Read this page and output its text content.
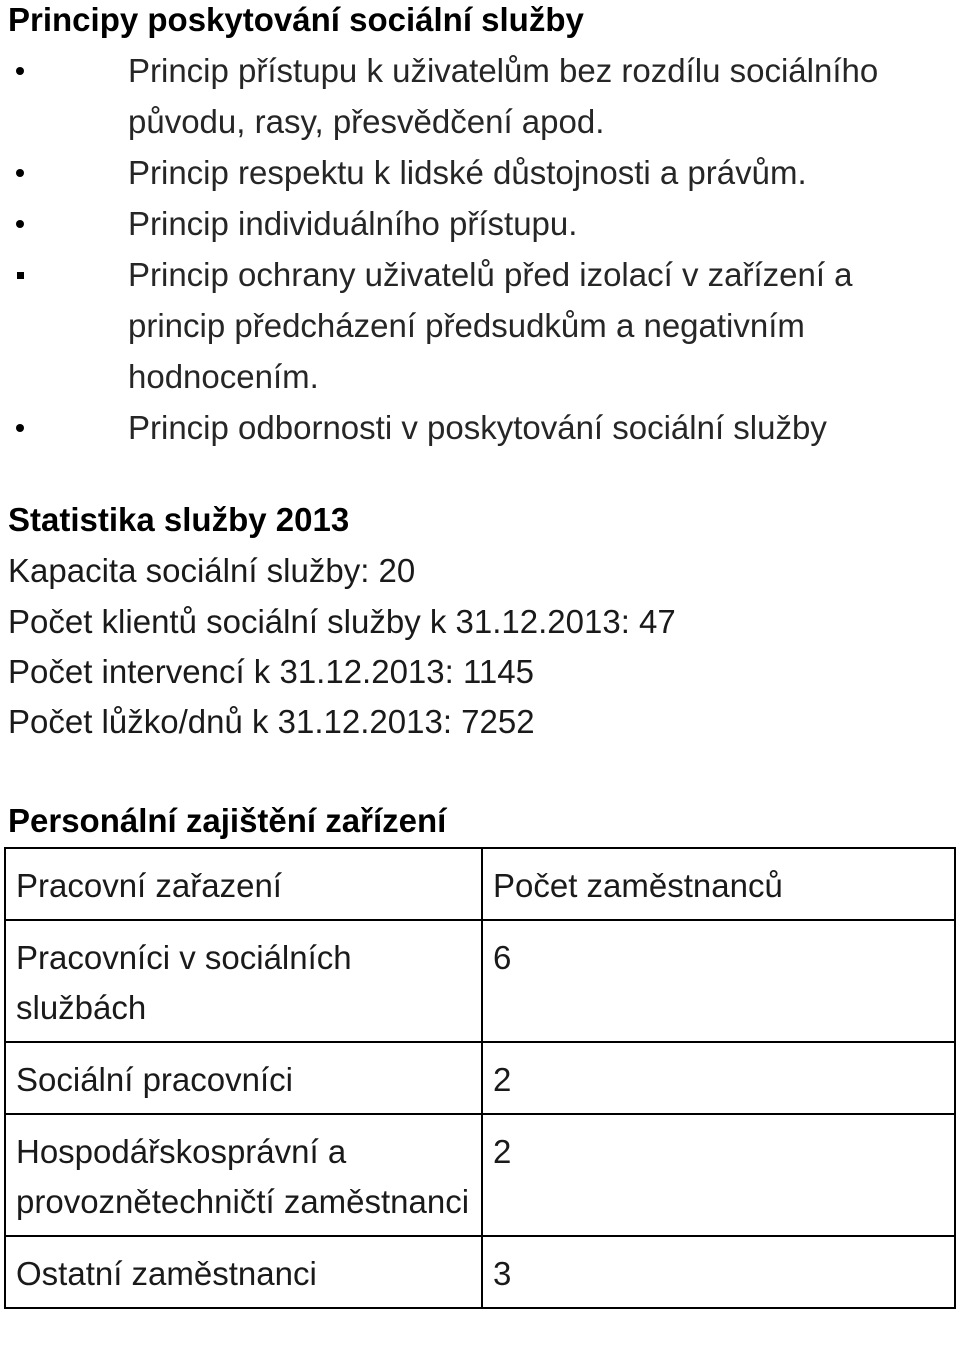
Principy poskytování sociální služby
Princip přístupu k uživatelům bez rozdílu sociálního původu, rasy, přesvědčení apod.
Princip respektu k lidské důstojnosti a právům.
Princip individuálního přístupu.
Princip ochrany uživatelů před izolací v zařízení a princip předcházení předsudkům a negativním hodnocením.
Princip odbornosti v poskytování sociální služby
Statistika služby 2013
Kapacita sociální služby: 20
Počet klientů sociální služby k 31.12.2013: 47
Počet intervencí k 31.12.2013: 1145
Počet lůžko/dnů k 31.12.2013: 7252
Personální zajištění zařízení
Pracovní zařazení	Počet zaměstnanců
Pracovníci v sociálních službách	6
Sociální pracovníci	2
Hospodářskosprávní a provoznětechničtí zaměstnanci	2
Ostatní zaměstnanci	3
